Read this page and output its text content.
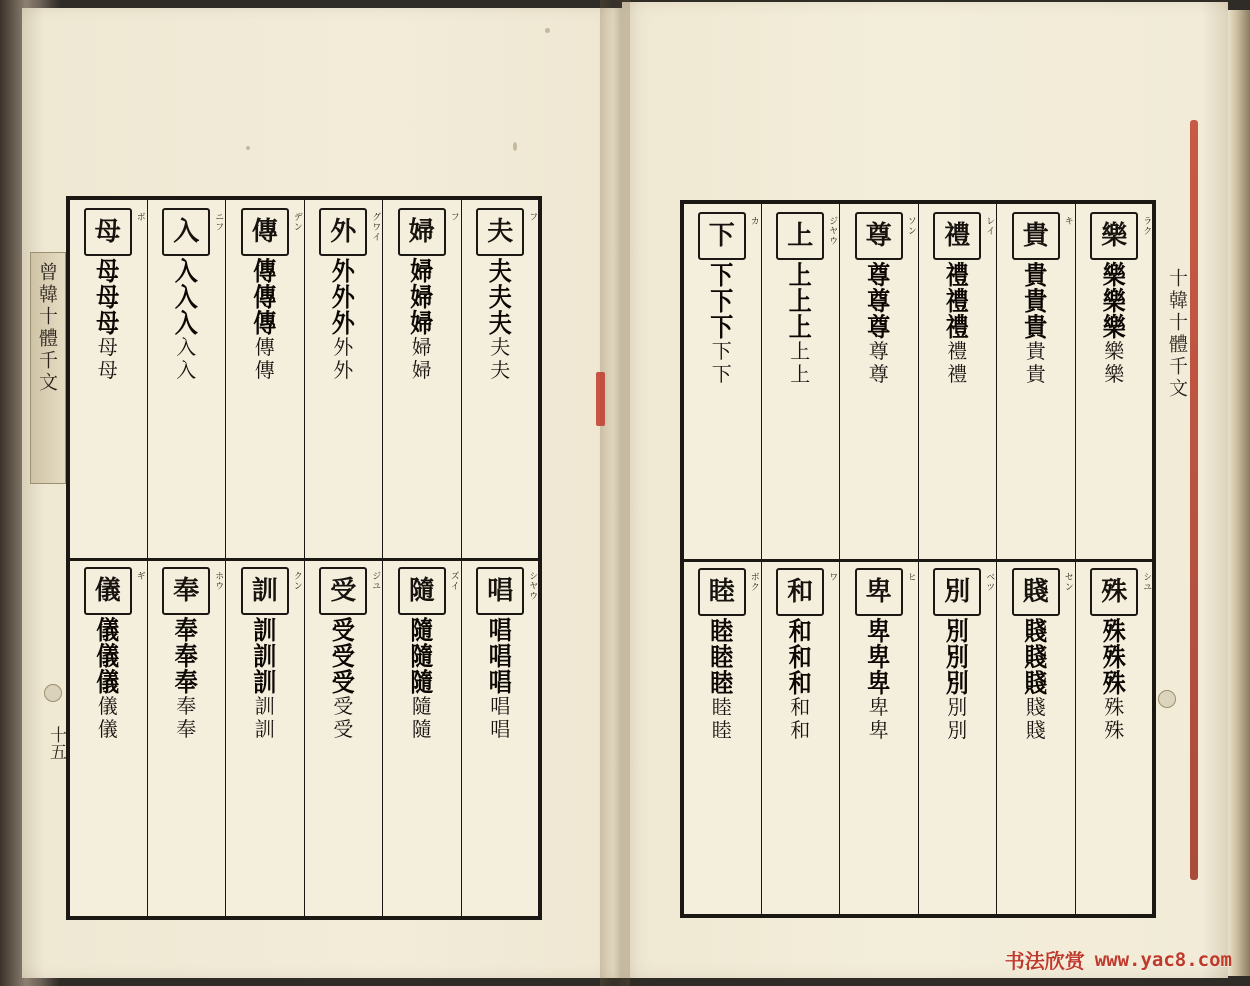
曾韓十體千文
十五
十韓十體千文
樂	ラク
樂
樂
樂
樂
樂
貴	キ
貴
貴
貴
貴
貴
禮	レイ
禮
禮
禮
禮
禮
尊	ソン
尊
尊
尊
尊
尊
上	ジヤウ
上
上
上
上
上
下	カ
下
下
下
下
下
殊	シユ
殊
殊
殊
殊
殊
賤	セン
賤
賤
賤
賤
賤
別	ベツ
別
別
別
別
別
卑	ヒ
卑
卑
卑
卑
卑
和	ワ
和
和
和
和
和
睦	ボク
睦
睦
睦
睦
睦
夫	フ
夫
夫
夫
夫
夫
婦	フ
婦
婦
婦
婦
婦
外	グワイ
外
外
外
外
外
傳	デン
傳
傳
傳
傳
傳
入	ニフ
入
入
入
入
入
母	ボ
母
母
母
母
母
唱	シヤウ
唱
唱
唱
唱
唱
隨	ズイ
隨
隨
隨
隨
隨
受	ジユ
受
受
受
受
受
訓	クン
訓
訓
訓
訓
訓
奉	ホウ
奉
奉
奉
奉
奉
儀	ギ
儀
儀
儀
儀
儀
书法欣赏 www.yac8.com
